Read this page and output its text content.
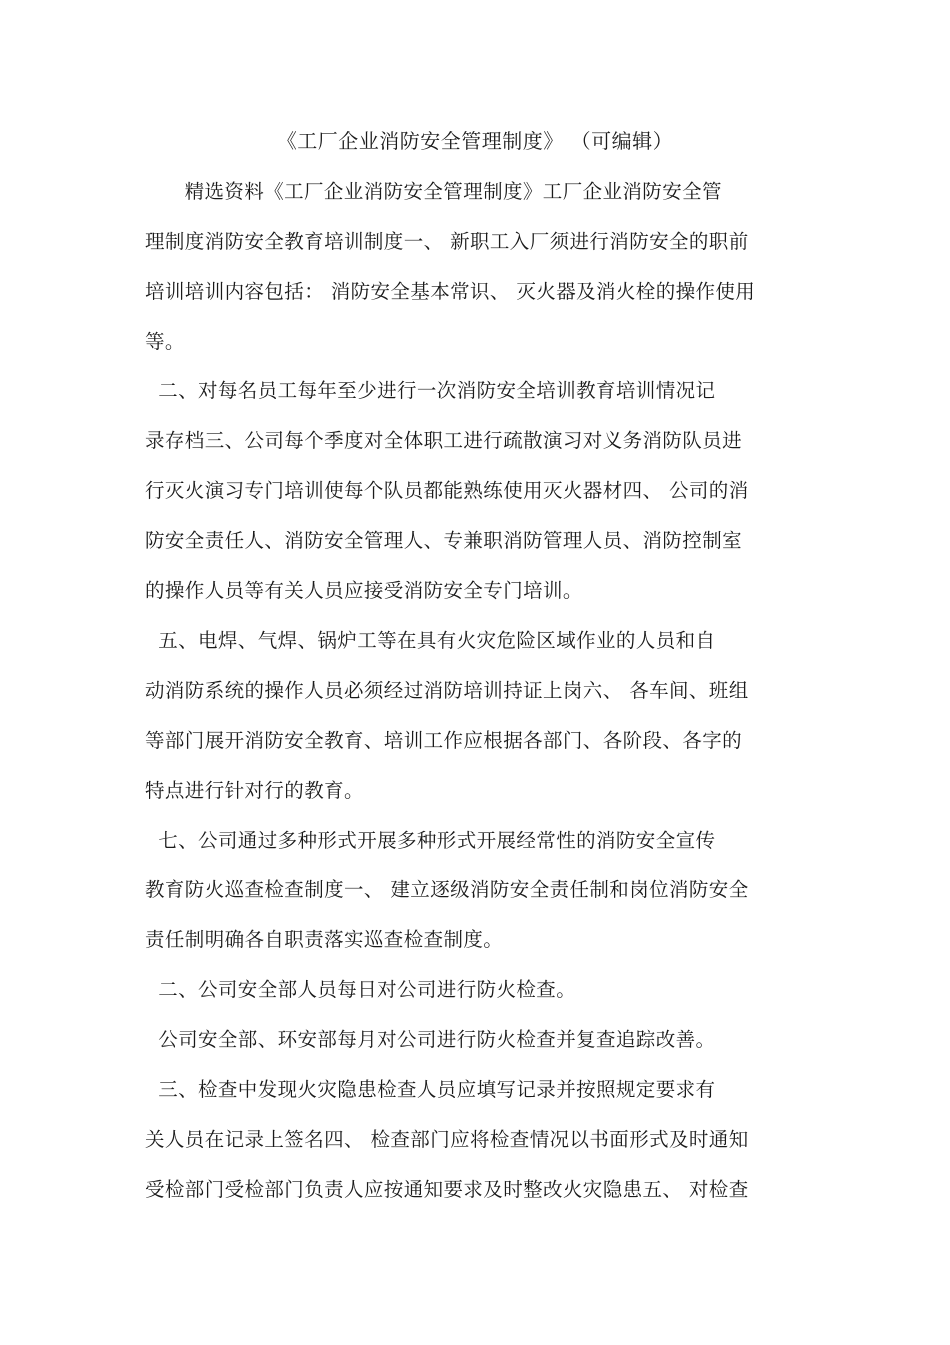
《工厂企业消防安全管理制度》 （可编辑）
精选资料《工厂企业消防安全管理制度》工厂企业消防安全管
理制度消防安全教育培训制度一、 新职工入厂须进行消防安全的职前
培训培训内容包括： 消防安全基本常识、 灭火器及消火栓的操作使用
等。
二、对每名员工每年至少进行一次消防安全培训教育培训情况记
录存档三、公司每个季度对全体职工进行疏散演习对义务消防队员进
行灭火演习专门培训使每个队员都能熟练使用灭火器材四、 公司的消
防安全责任人、消防安全管理人、专兼职消防管理人员、消防控制室
的操作人员等有关人员应接受消防安全专门培训。
五、电焊、气焊、锅炉工等在具有火灾危险区域作业的人员和自
动消防系统的操作人员必须经过消防培训持证上岗六、 各车间、班组
等部门展开消防安全教育、培训工作应根据各部门、各阶段、各字的
特点进行针对行的教育。
七、公司通过多种形式开展多种形式开展经常性的消防安全宣传
教育防火巡查检查制度一、 建立逐级消防安全责任制和岗位消防安全
责任制明确各自职责落实巡查检查制度。
二、公司安全部人员每日对公司进行防火检查。
公司安全部、环安部每月对公司进行防火检查并复查追踪改善。
三、检查中发现火灾隐患检查人员应填写记录并按照规定要求有
关人员在记录上签名四、 检查部门应将检查情况以书面形式及时通知
受检部门受检部门负责人应按通知要求及时整改火灾隐患五、 对检查
